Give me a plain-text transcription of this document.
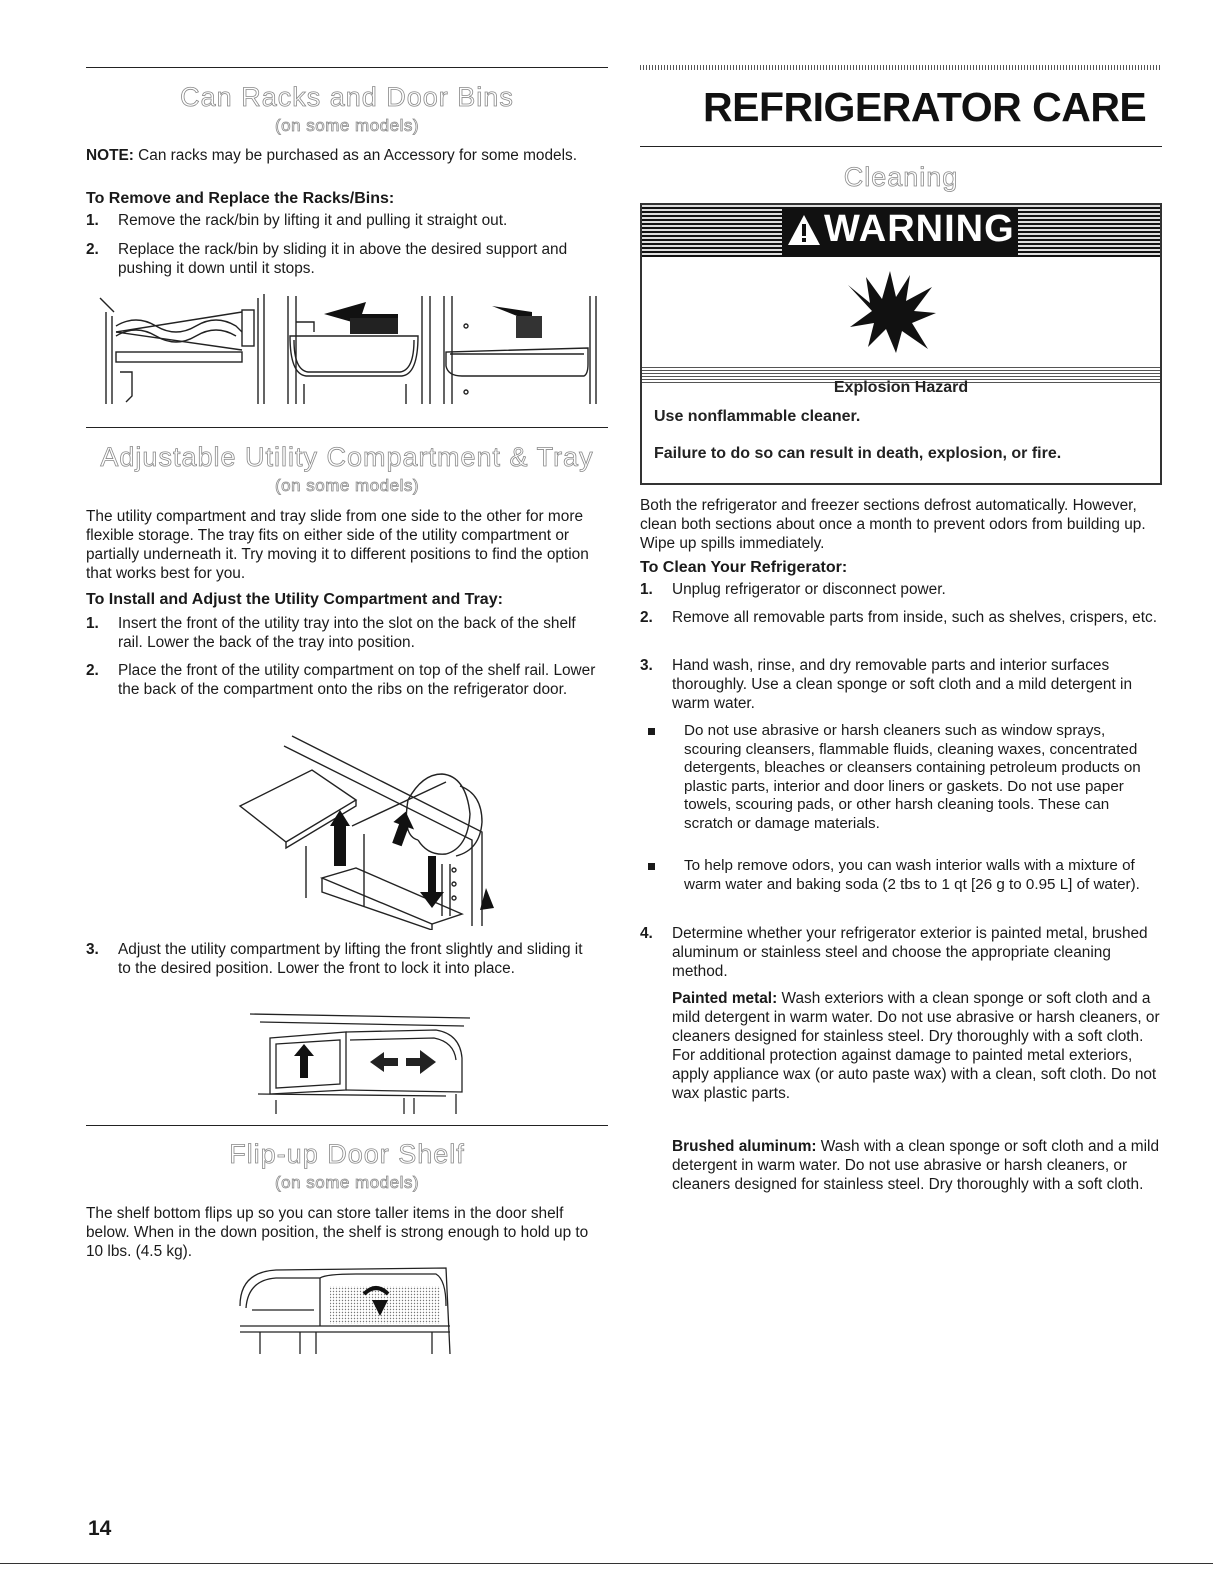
Can Racks and Door Bins
(on some models)

NOTE: Can racks may be purchased as an Accessory for some models.

To Remove and Replace the Racks/Bins:

1. Remove the rack/bin by lifting it and pulling it straight out.
2. Replace the rack/bin by sliding it in above the desired support and pushing it down until it stops.
Adjustable Utility Compartment & Tray
(on some models)

The utility compartment and tray slide from one side to the other for more flexible storage. The tray fits on either side of the utility compartment or partially underneath it. Try moving it to different positions to find the option that works best for you.

To Install and Adjust the Utility Compartment and Tray:

1. Insert the front of the utility tray into the slot on the back of the shelf rail. Lower the back of the tray into position.
2. Place the front of the utility compartment on top of the shelf rail. Lower the back of the compartment onto the ribs on the refrigerator door.
3. Adjust the utility compartment by lifting the front slightly and sliding it to the desired position. Lower the front to lock it into place.
Flip-up Door Shelf
(on some models)

The shelf bottom flips up so you can store taller items in the door shelf below. When in the down position, the shelf is strong enough to hold up to 10 lbs. (4.5 kg).

14
REFRIGERATOR CARE
Cleaning
WARNING
Explosion Hazard
Use nonflammable cleaner.
Failure to do so can result in death, explosion, or fire.

Both the refrigerator and freezer sections defrost automatically. However, clean both sections about once a month to prevent odors from building up. Wipe up spills immediately.

To Clean Your Refrigerator:

1. Unplug refrigerator or disconnect power.
2. Remove all removable parts from inside, such as shelves, crispers, etc.
3. Hand wash, rinse, and dry removable parts and interior surfaces thoroughly. Use a clean sponge or soft cloth and a mild detergent in warm water.
Do not use abrasive or harsh cleaners such as window sprays, scouring cleansers, flammable fluids, cleaning waxes, concentrated detergents, bleaches or cleansers containing petroleum products on plastic parts, interior and door liners or gaskets. Do not use paper towels, scouring pads, or other harsh cleaning tools. These can scratch or damage materials.
To help remove odors, you can wash interior walls with a mixture of warm water and baking soda (2 tbs to 1 qt [26 g to 0.95 L] of water).
4. Determine whether your refrigerator exterior is painted metal, brushed aluminum or stainless steel and choose the appropriate cleaning method.

Painted metal: Wash exteriors with a clean sponge or soft cloth and a mild detergent in warm water. Do not use abrasive or harsh cleaners, or cleaners designed for stainless steel. Dry thoroughly with a soft cloth. For additional protection against damage to painted metal exteriors, apply appliance wax (or auto paste wax) with a clean, soft cloth. Do not wax plastic parts.

Brushed aluminum: Wash with a clean sponge or soft cloth and a mild detergent in warm water. Do not use abrasive or harsh cleaners, or cleaners designed for stainless steel. Dry thoroughly with a soft cloth.
